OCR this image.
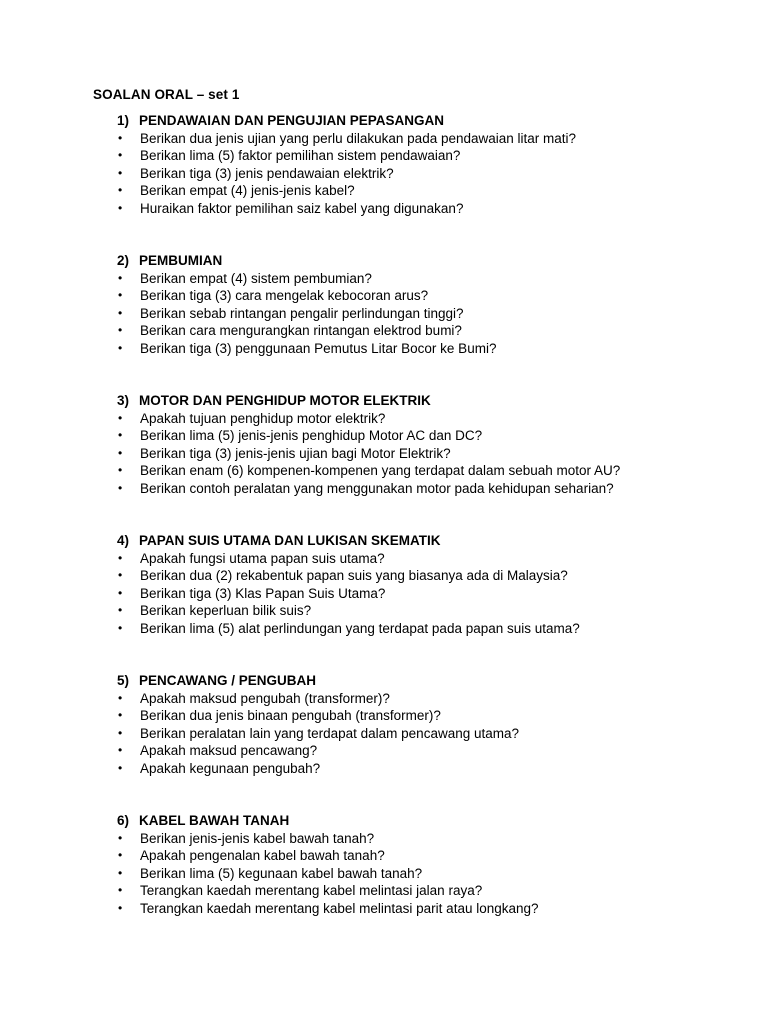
SOALAN ORAL – set 1
1) PENDAWAIAN DAN PENGUJIAN PEPASANGAN
•	Berikan dua jenis ujian yang perlu dilakukan pada pendawaian litar mati?
•	Berikan lima (5) faktor pemilihan sistem pendawaian?
•	Berikan tiga (3) jenis pendawaian elektrik?
•	Berikan empat (4) jenis-jenis kabel?
•	Huraikan faktor pemilihan saiz kabel yang digunakan?
2) PEMBUMIAN
•	Berikan empat (4) sistem pembumian?
•	Berikan tiga (3) cara mengelak kebocoran arus?
•	Berikan sebab rintangan pengalir perlindungan tinggi?
•	Berikan cara mengurangkan rintangan elektrod bumi?
•	Berikan tiga (3) penggunaan Pemutus Litar Bocor ke Bumi?
3) MOTOR DAN PENGHIDUP MOTOR ELEKTRIK
•	Apakah tujuan penghidup motor elektrik?
•	Berikan lima (5) jenis-jenis penghidup Motor AC dan DC?
•	Berikan tiga (3) jenis-jenis ujian bagi Motor Elektrik?
•	Berikan enam (6) kompenen-kompenen yang terdapat dalam sebuah motor AU?
•	Berikan contoh peralatan yang menggunakan motor pada kehidupan seharian?
4) PAPAN SUIS UTAMA DAN LUKISAN SKEMATIK
•	Apakah fungsi utama papan suis utama?
•	Berikan dua (2) rekabentuk papan suis yang biasanya ada di Malaysia?
•	Berikan tiga (3) Klas Papan Suis Utama?
•	Berikan keperluan bilik suis?
•	Berikan lima (5) alat perlindungan yang terdapat pada papan suis utama?
5) PENCAWANG / PENGUBAH
•	Apakah maksud pengubah (transformer)?
•	Berikan dua jenis binaan pengubah (transformer)?
•	Berikan peralatan lain yang terdapat dalam pencawang utama?
•	Apakah maksud pencawang?
•	Apakah kegunaan pengubah?
6) KABEL BAWAH TANAH
•	Berikan jenis-jenis kabel bawah tanah?
•	Apakah pengenalan kabel bawah tanah?
•	Berikan lima (5) kegunaan kabel bawah tanah?
•	Terangkan kaedah merentang kabel melintasi jalan raya?
•	Terangkan kaedah merentang kabel melintasi parit atau longkang?
